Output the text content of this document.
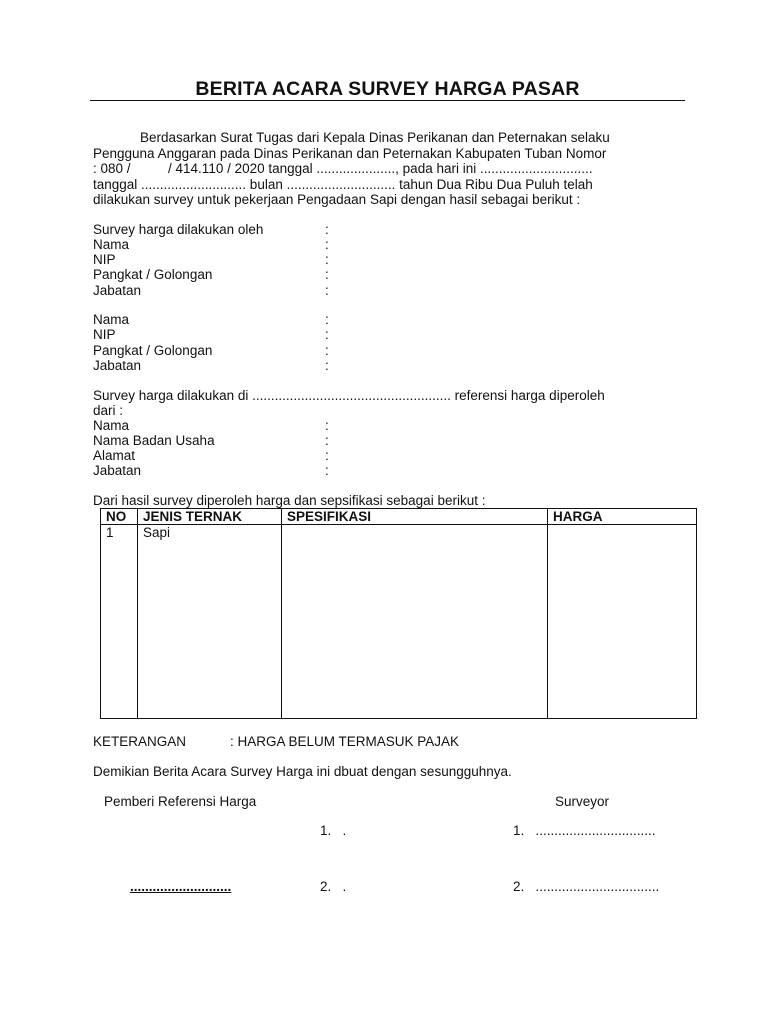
BERITA ACARA SURVEY HARGA PASAR
Berdasarkan Surat Tugas dari Kepala Dinas Perikanan dan Peternakan selaku
Pengguna Anggaran pada Dinas Perikanan dan Peternakan Kabupaten Tuban Nomor
: 080 /          / 414.110 / 2020 tanggal ....................., pada hari ini ..............................
tanggal ............................ bulan ............................. tahun Dua Ribu Dua Puluh telah
dilakukan survey untuk pekerjaan Pengadaan Sapi dengan hasil sebagai berikut :
Survey harga dilakukan oleh	:
Nama	:
NIP	:
Pangkat / Golongan	:
Jabatan	:
Nama	:
NIP	:
Pangkat / Golongan	:
Jabatan	:
Survey harga dilakukan di ..................................................... referensi harga diperoleh
dari :
Nama	:
Nama Badan Usaha	:
Alamat	:
Jabatan	:
Dari hasil survey diperoleh harga dan sepsifikasi sebagai berikut :
NO	JENIS TERNAK	SPESIFIKASI	HARGA
1	Sapi		
KETERANGAN	: HARGA BELUM TERMASUK PAJAK
Demikian Berita Acara Survey Harga ini dbuat dengan sesungguhnya.
Pemberi Referensi Harga	Surveyor
1.   .	1.   ................................
...........................	2.   .	2.   .................................
